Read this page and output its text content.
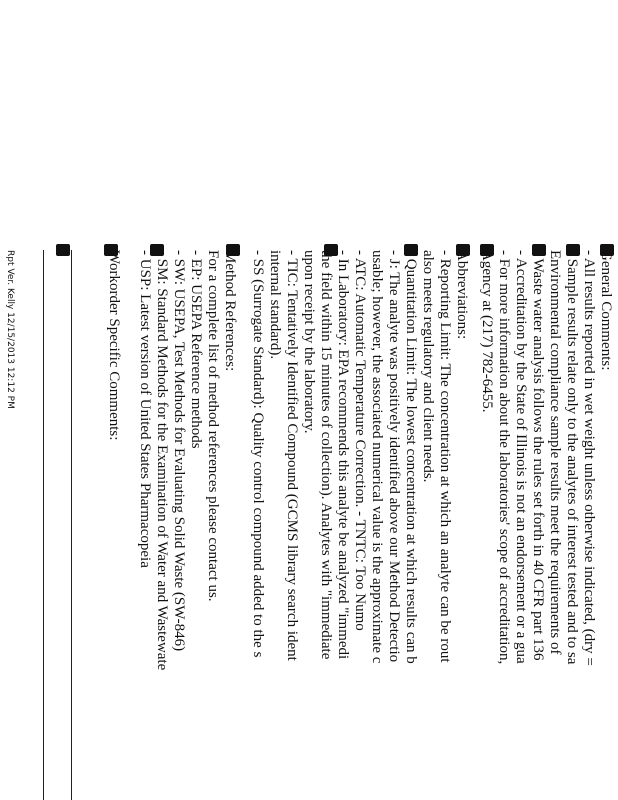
General Comments:
- All results reported in wet weight unless otherwise indicated, (dry =
- Sample results relate only to the analytes of interest tested and to sa
Environmental compliance sample results meet the requirements of
- Waste water analysis follows the rules set forth in 40 CFR part 136
- Accreditation by the State of Illinois is not an endorsement or a gua
- For more information about the laboratories' scope of accreditation,
Agency at (217) 782-6455.
Abbreviations:
- Reporting Limit: The concentration at which an analyte can be rout
also meets regulatory and client needs.
- Quantitation Limit: The lowest concentration at which results can b
- J: The analyte was positively identified above our Method Detectio
usable; however, the associated numerical value is the approximate c
- ATC: Automatic Temperature Correction. - TNTC: Too Numo
- In Laboratory: EPA recommends this analyte be analyzed "immedi
the field within 15 minutes of collection). Analytes with "immediate
upon receipt by the laboratory.
- TIC: Tentatively Identified Compound (GCMS library search ident
internal standard).
- SS (Surrogate Standard): Quality control compound added to the s
Method References:
For a complete list of method references please contact us.
- EP: USEPA Reference methods
- SW: USEPA, Test Methods for Evaluating Solid Waste (SW-846)
- SM: Standard Methods for the Examination of Water and Wastewate
- USP: Latest version of United States Pharmacopeia
Workorder Specific Comments:
Rpt Ver. Kelly 12/15/2013 12:12 PM
